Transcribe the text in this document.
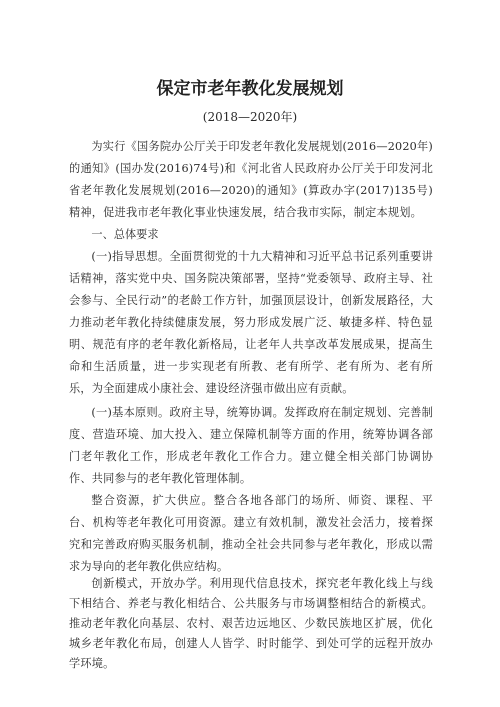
保定市老年教化发展规划
(2018—2020年)
为实行《国务院办公厅关于印发老年教化发展规划(2016—2020年)的通知》(国办发(2016)74号)和《河北省人民政府办公厅关于印发河北省老年教化发展规划(2016—2020)的通知》(算政办字(2017)135号)精神，促进我市老年教化事业快速发展，结合我市实际，制定本规划。
一、总体要求
(一)指导思想。全面贯彻党的十九大精神和习近平总书记系列重要讲话精神，落实党中央、国务院决策部署，坚持“党委领导、政府主导、社会参与、全民行动”的老龄工作方针，加强顶层设计，创新发展路径，大力推动老年教化持续健康发展，努力形成发展广泛、敏捷多样、特色显明、规范有序的老年教化新格局，让老年人共享改革发展成果，提高生命和生活质量，进一步实现老有所教、老有所学、老有所为、老有所乐，为全面建成小康社会、建设经济强市做出应有贡献。
(一)基本原则。政府主导，统筹协调。发挥政府在制定规划、完善制度、营造环境、加大投入、建立保障机制等方面的作用，统筹协调各部门老年教化工作，形成老年教化工作合力。建立健全相关部门协调协作、共同参与的老年教化管理体制。
整合资源，扩大供应。整合各地各部门的场所、师资、课程、平台、机构等老年教化可用资源。建立有效机制，激发社会活力，接着探究和完善政府购买服务机制，推动全社会共同参与老年教化，形成以需求为导向的老年教化供应结构。
创新模式，开放办学。利用现代信息技术，探究老年教化线上与线下相结合、养老与教化相结合、公共服务与市场调整相结合的新模式。推动老年教化向基层、农村、艰苦边远地区、少数民族地区扩展，优化城乡老年教化布局，创建人人皆学、时时能学、到处可学的远程开放办学环境。
